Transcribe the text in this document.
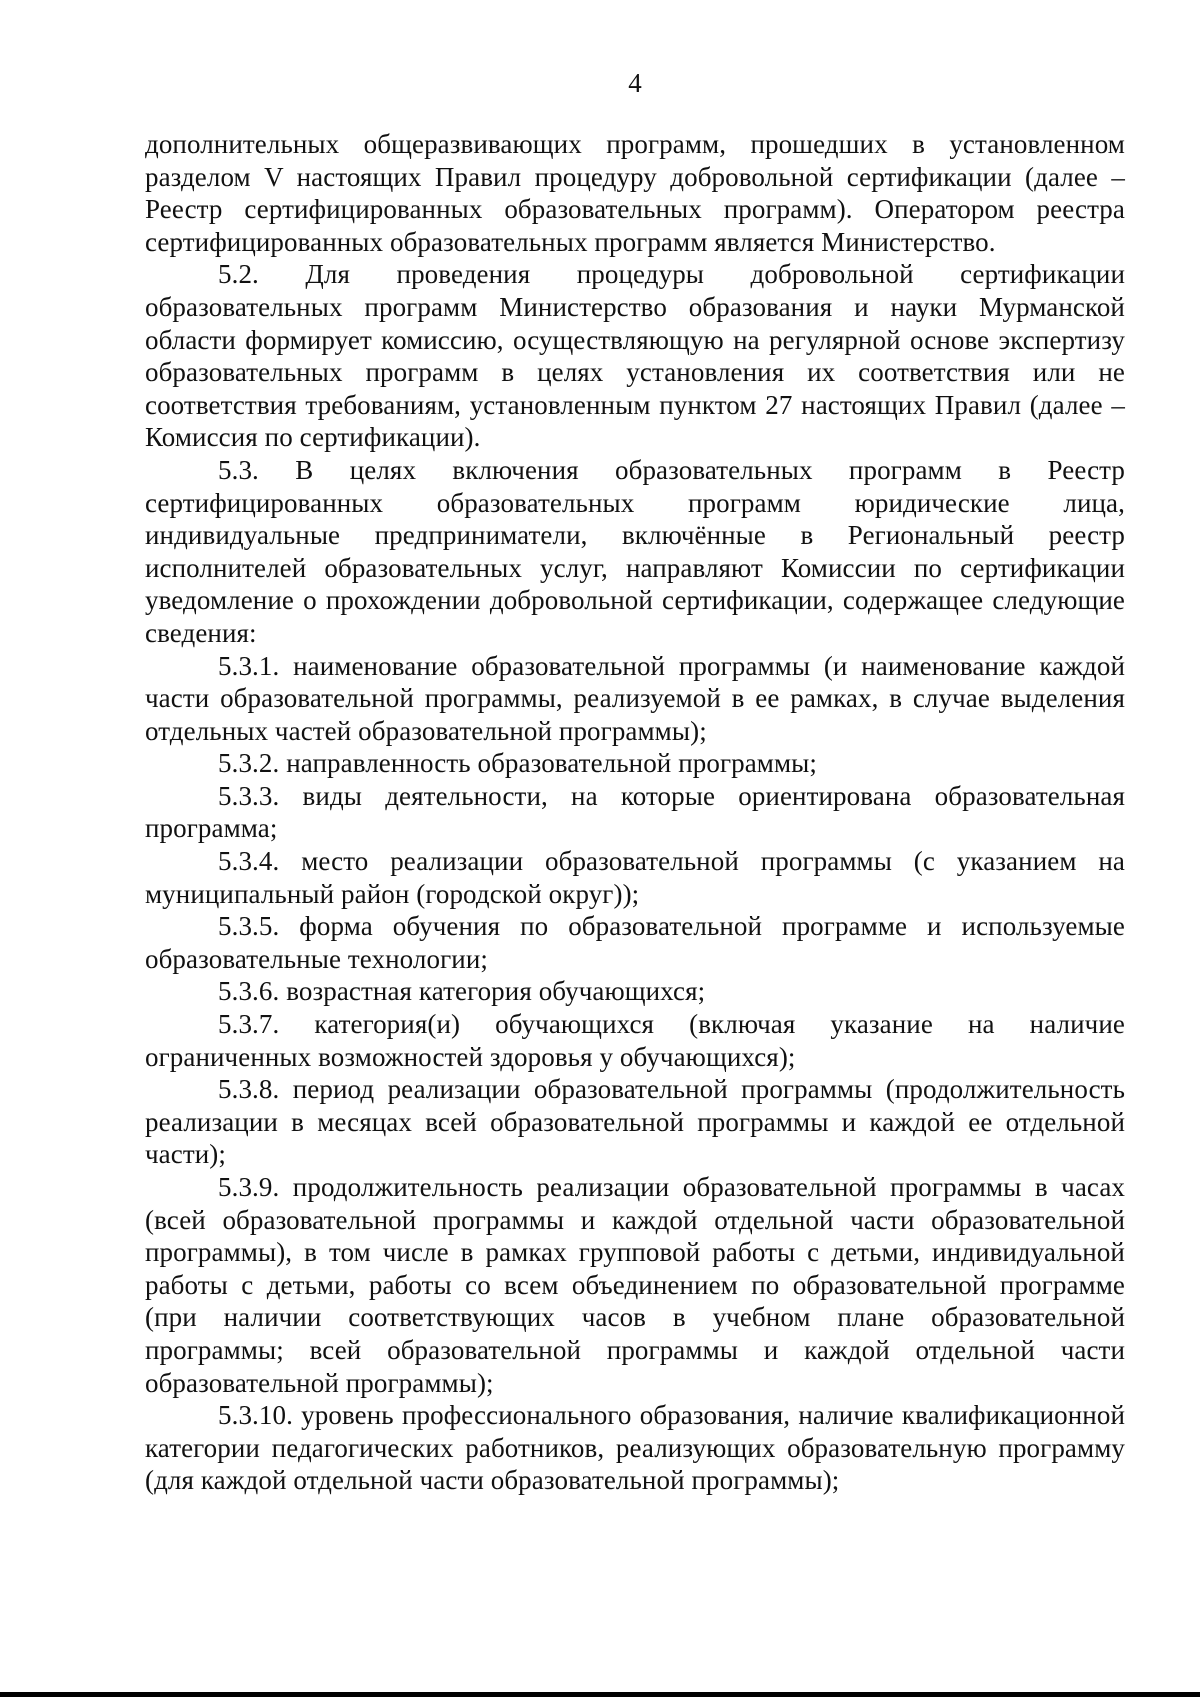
4

дополнительных общеразвивающих программ, прошедших в установленном разделом V настоящих Правил процедуру добровольной сертификации (далее – Реестр сертифицированных образовательных программ). Оператором реестра сертифицированных образовательных программ является Министерство.

5.2. Для проведения процедуры добровольной сертификации образовательных программ Министерство образования и науки Мурманской области формирует комиссию, осуществляющую на регулярной основе экспертизу образовательных программ в целях установления их соответствия или не соответствия требованиям, установленным пунктом 27 настоящих Правил (далее – Комиссия по сертификации).

5.3. В целях включения образовательных программ в Реестр сертифицированных образовательных программ юридические лица, индивидуальные предприниматели, включённые в Региональный реестр исполнителей образовательных услуг, направляют Комиссии по сертификации уведомление о прохождении добровольной сертификации, содержащее следующие сведения:

5.3.1. наименование образовательной программы (и наименование каждой части образовательной программы, реализуемой в ее рамках, в случае выделения отдельных частей образовательной программы);

5.3.2. направленность образовательной программы;

5.3.3. виды деятельности, на которые ориентирована образовательная программа;

5.3.4. место реализации образовательной программы (с указанием на муниципальный район (городской округ));

5.3.5. форма обучения по образовательной программе и используемые образовательные технологии;

5.3.6. возрастная категория обучающихся;

5.3.7. категория(и) обучающихся (включая указание на наличие ограниченных возможностей здоровья у обучающихся);

5.3.8. период реализации образовательной программы (продолжительность реализации в месяцах всей образовательной программы и каждой ее отдельной части);

5.3.9. продолжительность реализации образовательной программы в часах (всей образовательной программы и каждой отдельной части образовательной программы), в том числе в рамках групповой работы с детьми, индивидуальной работы с детьми, работы со всем объединением по образовательной программе (при наличии соответствующих часов в учебном плане образовательной программы; всей образовательной программы и каждой отдельной части образовательной программы);

5.3.10. уровень профессионального образования, наличие квалификационной категории педагогических работников, реализующих образовательную программу (для каждой отдельной части образовательной программы);
